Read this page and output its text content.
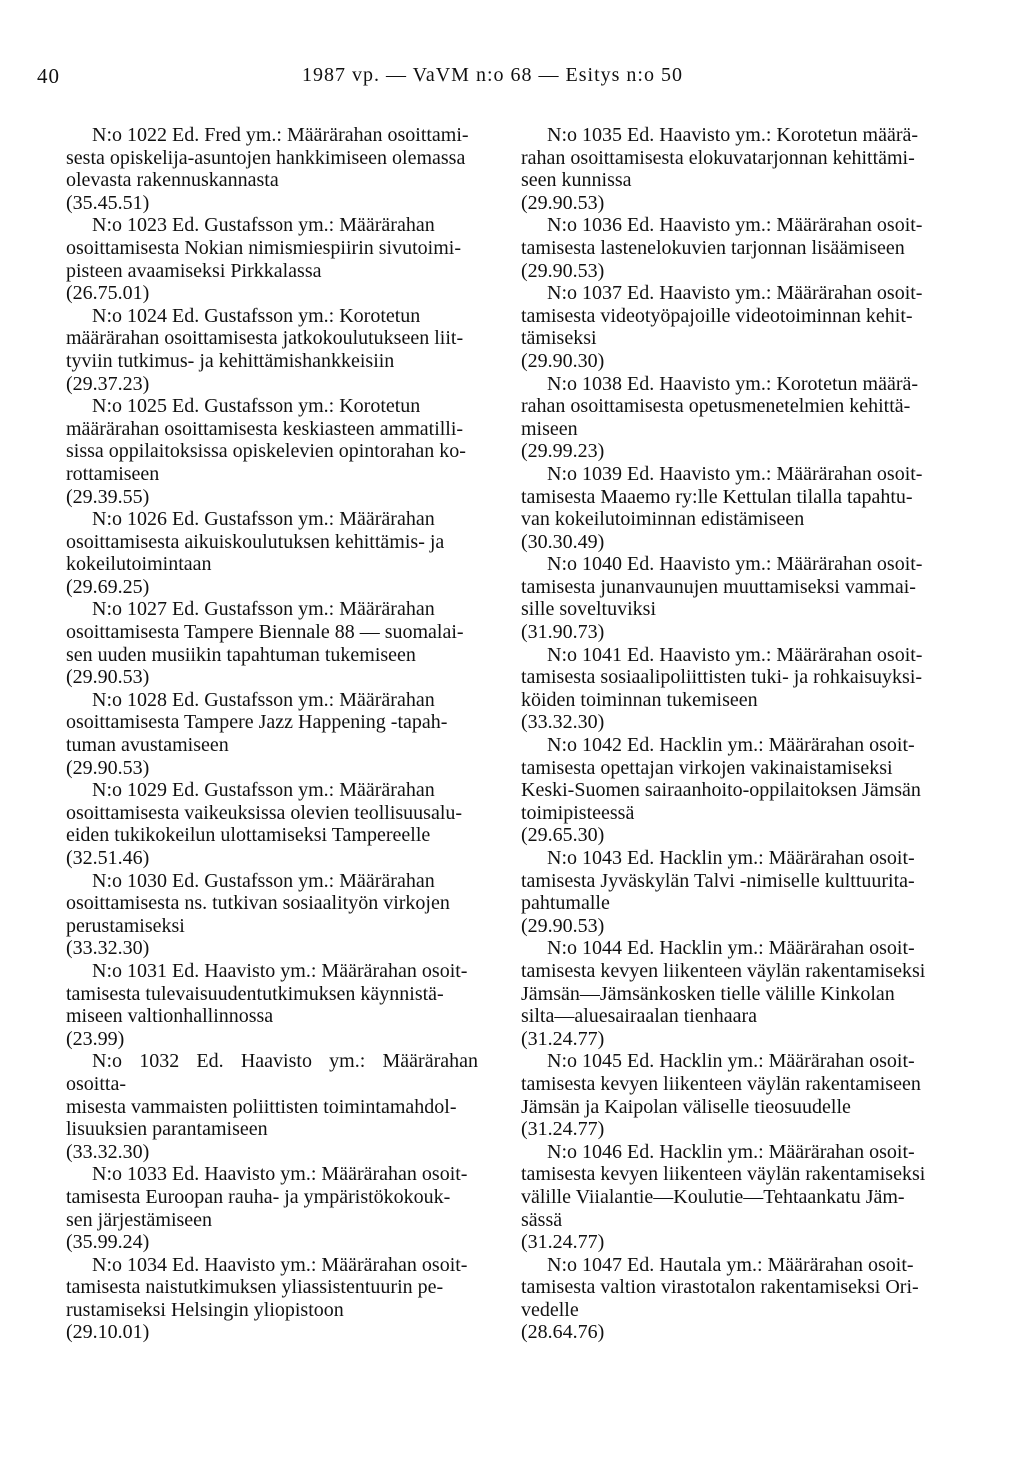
40	1987 vp. — VaVM n:o 68 — Esitys n:o 50
N:o 1022 Ed. Fred ym.: Määrärahan osoittami-
sesta opiskelija-asuntojen hankkimiseen olemassa
olevasta rakennuskannasta
(35.45.51)
N:o 1023 Ed. Gustafsson ym.: Määrärahan
osoittamisesta Nokian nimismiespiirin sivutoimi-
pisteen avaamiseksi Pirkkalassa
(26.75.01)
N:o 1024 Ed. Gustafsson ym.: Korotetun
määrärahan osoittamisesta jatkokoulutukseen liit-
tyviin tutkimus- ja kehittämishankkeisiin
(29.37.23)
N:o 1025 Ed. Gustafsson ym.: Korotetun
määrärahan osoittamisesta keskiasteen ammatilli-
sissa oppilaitoksissa opiskelevien opintorahan ko-
rottamiseen
(29.39.55)
N:o 1026 Ed. Gustafsson ym.: Määrärahan
osoittamisesta aikuiskoulutuksen kehittämis- ja
kokeilutoimintaan
(29.69.25)
N:o 1027 Ed. Gustafsson ym.: Määrärahan
osoittamisesta Tampere Biennale 88 — suomalai-
sen uuden musiikin tapahtuman tukemiseen
(29.90.53)
N:o 1028 Ed. Gustafsson ym.: Määrärahan
osoittamisesta Tampere Jazz Happening -tapah-
tuman avustamiseen
(29.90.53)
N:o 1029 Ed. Gustafsson ym.: Määrärahan
osoittamisesta vaikeuksissa olevien teollisuusalu-
eiden tukikokeilun ulottamiseksi Tampereelle
(32.51.46)
N:o 1030 Ed. Gustafsson ym.: Määrärahan
osoittamisesta ns. tutkivan sosiaalityön virkojen
perustamiseksi
(33.32.30)
N:o 1031 Ed. Haavisto ym.: Määrärahan osoit-
tamisesta tulevaisuudentutkimuksen käynnistä-
miseen valtionhallinnossa
(23.99)
N:o 1032 Ed. Haavisto ym.: Määrärahan osoitta-
misesta vammaisten poliittisten toimintamahdol-
lisuuksien parantamiseen
(33.32.30)
N:o 1033 Ed. Haavisto ym.: Määrärahan osoit-
tamisesta Euroopan rauha- ja ympäristökokouk-
sen järjestämiseen
(35.99.24)
N:o 1034 Ed. Haavisto ym.: Määrärahan osoit-
tamisesta naistutkimuksen yliassistentuurin pe-
rustamiseksi Helsingin yliopistoon
(29.10.01)
N:o 1035 Ed. Haavisto ym.: Korotetun määrä-
rahan osoittamisesta elokuvatarjonnan kehittämi-
seen kunnissa
(29.90.53)
N:o 1036 Ed. Haavisto ym.: Määrärahan osoit-
tamisesta lastenelokuvien tarjonnan lisäämiseen
(29.90.53)
N:o 1037 Ed. Haavisto ym.: Määrärahan osoit-
tamisesta videotyöpajoille videotoiminnan kehit-
tämiseksi
(29.90.30)
N:o 1038 Ed. Haavisto ym.: Korotetun määrä-
rahan osoittamisesta opetusmenetelmien kehittä-
miseen
(29.99.23)
N:o 1039 Ed. Haavisto ym.: Määrärahan osoit-
tamisesta Maaemo ry:lle Kettulan tilalla tapahtu-
van kokeilutoiminnan edistämiseen
(30.30.49)
N:o 1040 Ed. Haavisto ym.: Määrärahan osoit-
tamisesta junanvaunujen muuttamiseksi vammai-
sille soveltuviksi
(31.90.73)
N:o 1041 Ed. Haavisto ym.: Määrärahan osoit-
tamisesta sosiaalipoliittisten tuki- ja rohkaisuyksi-
köiden toiminnan tukemiseen
(33.32.30)
N:o 1042 Ed. Hacklin ym.: Määrärahan osoit-
tamisesta opettajan virkojen vakinaistamiseksi
Keski-Suomen sairaanhoito-oppilaitoksen Jämsän
toimipisteessä
(29.65.30)
N:o 1043 Ed. Hacklin ym.: Määrärahan osoit-
tamisesta Jyväskylän Talvi -nimiselle kulttuurita-
pahtumalle
(29.90.53)
N:o 1044 Ed. Hacklin ym.: Määrärahan osoit-
tamisesta kevyen liikenteen väylän rakentamiseksi
Jämsän—Jämsänkosken tielle välille Kinkolan
silta—aluesairaalan tienhaara
(31.24.77)
N:o 1045 Ed. Hacklin ym.: Määrärahan osoit-
tamisesta kevyen liikenteen väylän rakentamiseen
Jämsän ja Kaipolan väliselle tieosuudelle
(31.24.77)
N:o 1046 Ed. Hacklin ym.: Määrärahan osoit-
tamisesta kevyen liikenteen väylän rakentamiseksi
välille Viialantie—Koulutie—Tehtaankatu Jäm-
sässä
(31.24.77)
N:o 1047 Ed. Hautala ym.: Määrärahan osoit-
tamisesta valtion virastotalon rakentamiseksi Ori-
vedelle
(28.64.76)
